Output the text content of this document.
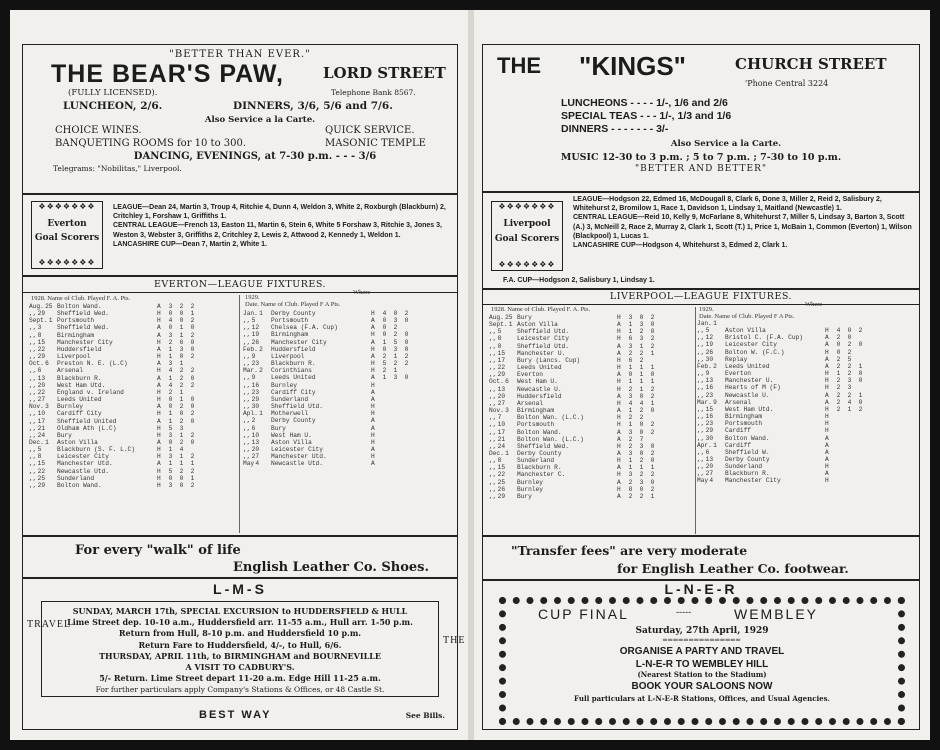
"BETTER THAN EVER."
THE BEAR'S PAW,	LORD STREET
(FULLY LICENSED).	Telephone Bank 8567.
LUNCHEON, 2/6.	DINNERS, 3/6, 5/6 and 7/6.
Also Service a la Carte.
CHOICE WINES.	QUICK SERVICE.
BANQUETING ROOMS for 10 to 300.	MASONIC TEMPLE
DANCING, EVENINGS, at 7-30 p.m. - - - 3/6
Telegrams: "Nobilitas," Liverpool.
❖❖❖❖❖❖❖
Everton
Goal Scorers
❖❖❖❖❖❖❖
LEAGUE—Dean 24, Martin 3, Troup 4, Ritchie 4, Dunn 4, Weldon 3, White 2, Roxburgh (Blackburn) 2, Critchley 1, Forshaw 1, Griffiths 1.
CENTRAL LEAGUE—French 13, Easton 11, Martin 6, Stein 6, White 5 Forshaw 3, Ritchie 3, Jones 3, Weston 3, Webster 3, Griffiths 2, Critchley 2, Lewis 2, Attwood 2, Kennedy 1, Weldon 1.
LANCASHIRE CUP—Dean 7, Martin 2, White 1.
EVERTON—LEAGUE FIXTURES.
1928. Name of Club. Played F. A. Pts.	1929.
Where
Date. Name of Club. Played F A Pts.
Aug. 25 Bolton Wand.	A	3	2	2
,, 29	Sheffield Wed.	H	0	0	1
Sept. 1 Portsmouth	H	4	0	2
,, 3	Sheffield Wed.	A	0	1	0
,, 8	Birmingham	A	3	1	2
,, 15	Manchester City	H	2	6	0
,, 22	Huddersfield	A	1	3	0
,, 29	Liverpool	H	1	0	2
Oct. 6	Preston N. E. (L.C)	A	3	1
,, 6	Arsenal	H	4	2	2
,, 13	Blackburn R.	A	1	2	0
,, 20	West Ham Utd.	A	4	2	2
,, 22	England v. Ireland	H	2	1
,, 27	Leeds United	H	0	1	0
Nov. 3	Burnley	A	0	2	0
,, 10	Cardiff City	H	1	0	2
,, 17	Sheffield United	A	1	2	0
,, 21	Oldham Ath (L.C)	H	5	3
,, 24	Bury	H	3	1	2
Dec. 1	Aston Villa	A	0	2	0
,, 5	Blackburn (S. F. L.C)	H	1	4
,, 8	Leicester City	H	3	1	2
,, 15	Manchester Utd.	A	1	1	1
,, 22	Newcastle Utd.	H	5	2	2
,, 25	Sunderland	H	0	0	1
,, 29	Bolton Wand.	H	3	0	2
Jan. 1	Derby County	H	4	0	2
,, 5	Portsmouth	A	0	3	0
,, 12	Chelsea (F.A. Cup)	A	0	2
,, 19	Birmingham	H	0	2	0
,, 26	Manchester City	A	1	5	0
Feb. 2	Huddersfield	H	0	3	0
,, 9	Liverpool	A	2	1	2
,, 23	Blackburn R.	H	5	2	2
Mar. 2	Corinthians	H	2	1
,, 9	Leeds United	A	1	3	0
,, 16	Burnley	H
,, 23	Cardiff City	A
,, 29	Sunderland	A
,, 30	Sheffield Utd.	H
Apl. 1	Motherwell	H
,, 2	Derby County	A
,, 6	Bury	A
,, 10	West Ham U.	H
,, 13	Aston Villa	H
,, 20	Leicester City	A
,, 27	Manchester Utd.	H
May 4	Newcastle Utd.	A
For every "walk" of life
English Leather Co. Shoes.
L-M-S
TRAVEL
THE
SUNDAY, MARCH 17th, SPECIAL EXCURSION to HUDDERSFIELD & HULL
Lime Street dep. 10-10 a.m., Huddersfield arr. 11-55 a.m., Hull arr. 1-50 p.m.
Return from Hull, 8-10 p.m. and Huddersfield 10 p.m.
Return Fare to Huddersfield, 4/-, to Hull, 6/6.
THURSDAY, APRIL 11th, to BIRMINGHAM and BOURNEVILLE
A VISIT TO CADBURY'S.
5/- Return. Lime Street depart 11-20 a.m. Edge Hill 11-25 a.m.
For further particulars apply Company's Stations & Offices, or 48 Castle St.
BEST WAY	See Bills.
THE "KINGS"	CHURCH STREET
'Phone Central 3224
LUNCHEONS - - - - 1/-, 1/6 and 2/6
SPECIAL TEAS - - - 1/-, 1/3 and 1/6
DINNERS - - - - - - - 3/-
Also Service a la Carte.
MUSIC 12-30 to 3 p.m. ; 5 to 7 p.m. ; 7-30 to 10 p.m.
"BETTER AND BETTER"
❖❖❖❖❖❖❖
Liverpool
Goal Scorers
❖❖❖❖❖❖❖
LEAGUE—Hodgson 22, Edmed 16, McDougall 8, Clark 6, Done 3, Miller 2, Reid 2, Salisbury 2, Whitehurst 2, Bromilow 1, Race 1, Davidson 1, Lindsay 1, Maitland (Newcastle) 1.
CENTRAL LEAGUE—Reid 10, Kelly 9, McFarlane 8, Whitehurst 7, Miller 5, Lindsay 3, Barton 3, Scott (A.) 3, McNeill 2, Race 2, Murray 2, Clark 1, Scott (T.) 1, Price 1, McBain 1, Common (Everton) 1, Wilson (Blackpool) 1, Lucas 1.
LANCASHIRE CUP—Hodgson 4, Whitehurst 3, Edmed 2, Clark 1.
F.A. CUP—Hodgson 2, Salisbury 1, Lindsay 1.
LIVERPOOL—LEAGUE FIXTURES.
1928. Name of Club. Played F. A. Pts.	1929.
Where
Date. Name of Club. Played F A Pts.
Aug. 25 Bury	H	3	0	2
Sept. 1 Aston Villa	A	1	3	0
,, 5	Sheffield Utd.	H	1	2	0
,, 8	Leicester City	H	6	3	2
,, 8	Sheffield Utd.	A	3	1	2
,, 15	Manchester U.	A	2	2	1
,, 17	Bury (Lancs. Cup)	H	6	2
,, 22	Leeds United	H	1	1	1
,, 29	Everton	A	0	1	0
Oct. 6	West Ham U.	H	1	1	1
,, 13	Newcastle U.	H	2	1	2
,, 20	Huddersfield	A	3	0	2
,, 27	Arsenal	H	4	4	1
Nov. 3	Birmingham	A	1	2	0
,, 7	Bolton Wan. (L.C.)	H	2	2
,, 10	Portsmouth	H	1	0	2
,, 17	Bolton Wand.	A	3	0	2
,, 21	Bolton Wan. (L.C.)	A	2	7
,, 24	Sheffield Wed.	H	2	3	0
Dec. 1	Derby County	A	3	0	2
,, 8	Sunderland	H	1	2	0
,, 15	Blackburn R.	A	1	1	1
,, 22	Manchester C.	H	3	2	2
,, 25	Burnley	A	2	3	0
,, 26	Burnley	H	8	0	2
,, 29	Bury	A	2	2	1
Jan. 1
,, 5	Aston Villa	H	4	0	2
,, 12	Bristol C. (F.A. Cup)	A	2	0
,, 19	Leicester City	A	0	2	0
,, 26	Bolton W. (F.C.)	H	0	2
,, 30	Replay	A	2	5
Feb. 2	Leeds United	A	2	2	1
,, 9	Everton	H	1	2	0
,, 13	Manchester U.	H	2	3	0
,, 16	Hearts of M (F)	H	2	3
,, 23	Newcastle U.	A	2	2	1
Mar. 9	Arsenal	A	2	4	0
,, 15	West Ham Utd.	H	2	1	2
,, 16	Birmingham	H
,, 23	Portsmouth	H
,, 29	Cardiff	H
,, 30	Bolton Wand.	A
Apr. 1	Cardiff	A
,, 6	Sheffield W.	A
,, 13	Derby County	A
,, 20	Sunderland	H
,, 27	Blackburn R.	A
May 4	Manchester City	H
"Transfer fees" are very moderate
for English Leather Co. footwear.
L-N-E-R
CUP FINAL	-----	WEMBLEY
Saturday, 27th April, 1929
═══════════════
ORGANISE A PARTY AND TRAVEL
L-N-E-R TO WEMBLEY HILL
(Nearest Station to the Stadium)
BOOK YOUR SALOONS NOW
Full particulars at L-N-E-R Stations, Offices, and Usual Agencies.
